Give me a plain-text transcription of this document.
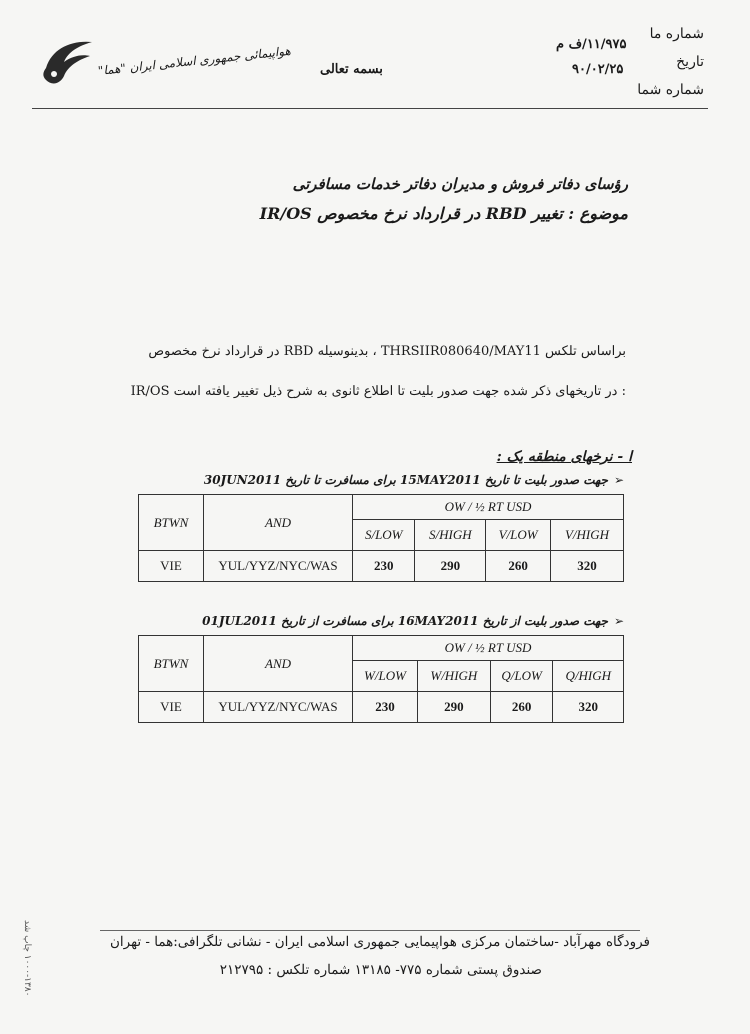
هواپیمائی جمهوری اسلامی ایران "هما" بسمه تعالی
شماره ما
تاریخ
شماره شما
۱۱/۹۷۵/ف م
۹۰/۰۲/۲۵
رؤسای دفاتر فروش و مدیران دفاتر خدمات مسافرتی
موضوع : تغییر RBD در قرارداد نرخ مخصوص IR/OS
براساس تلکس THRSIIR080640/MAY11 ، بدینوسیله RBD در قرارداد نرخ مخصوص
IR/OS در تاریخهای ذکر شده جهت صدور بلیت تا اطلاع ثانوی به شرح ذیل تغییر یافته است :
ا - نرخهای منطقه یک :
➢جهت صدور بلیت تا تاریخ 15MAY2011 برای مسافرت تا تاریخ 30JUN2011
BTWN	AND	OW / ½ RT USD			
		S/LOW	S/HIGH	V/LOW	V/HIGH
VIE	YUL/YYZ/NYC/WAS	230	290	260	320
➢جهت صدور بلیت از تاریخ 16MAY2011 برای مسافرت از تاریخ 01JUL2011
BTWN	AND	OW / ½ RT USD			
		W/LOW	W/HIGH	Q/LOW	Q/HIGH
VIE	YUL/YYZ/NYC/WAS	230	290	260	320
فرودگاه مهرآباد -ساختمان مرکزی هواپیمایی جمهوری اسلامی ایران - نشانی تلگرافی:هما - تهران
صندوق پستی شماره ۷۷۵- ۱۳۱۸۵ شماره تلکس : ۲۱۲۷۹۵
۱۰۰۰-۱۳۸۰ چاپ شد
